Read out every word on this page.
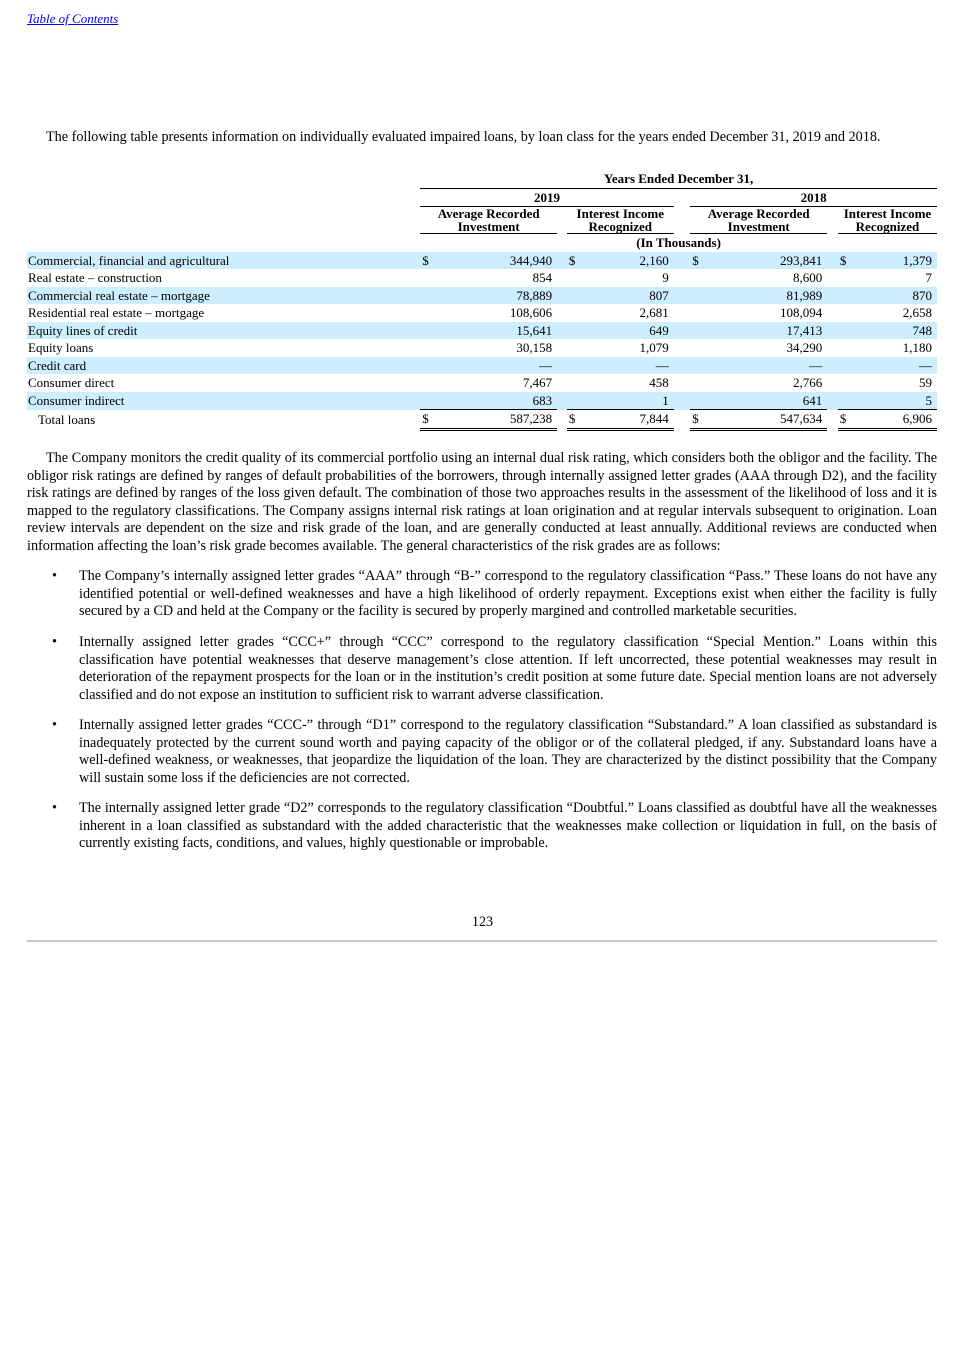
Table of Contents
The following table presents information on individually evaluated impaired loans, by loan class for the years ended December 31, 2019 and 2018.
	Years Ended December 31,										
	2019						2018				
	Average Recorded Investment			Interest Income Recognized			Average Recorded Investment			Interest Income Recognized	
	(In Thousands)										
Commercial, financial and agricultural	$	344,940		$	2,160		$	293,841		$	1,379
Real estate – construction		854			9			8,600			7
Commercial real estate – mortgage		78,889			807			81,989			870
Residential real estate – mortgage		108,606			2,681			108,094			2,658
Equity lines of credit		15,641			649			17,413			748
Equity loans		30,158			1,079			34,290			1,180
Credit card		—			—			—			—
Consumer direct		7,467			458			2,766			59
Consumer indirect		683			1			641			5
Total loans	$	587,238		$	7,844		$	547,634		$	6,906
The Company monitors the credit quality of its commercial portfolio using an internal dual risk rating, which considers both the obligor and the facility. The obligor risk ratings are defined by ranges of default probabilities of the borrowers, through internally assigned letter grades (AAA through D2), and the facility risk ratings are defined by ranges of the loss given default. The combination of those two approaches results in the assessment of the likelihood of loss and it is mapped to the regulatory classifications. The Company assigns internal risk ratings at loan origination and at regular intervals subsequent to origination. Loan review intervals are dependent on the size and risk grade of the loan, and are generally conducted at least annually. Additional reviews are conducted when information affecting the loan’s risk grade becomes available. The general characteristics of the risk grades are as follows:
• The Company’s internally assigned letter grades “AAA” through “B-” correspond to the regulatory classification “Pass.” These loans do not have any identified potential or well-defined weaknesses and have a high likelihood of orderly repayment. Exceptions exist when either the facility is fully secured by a CD and held at the Company or the facility is secured by properly margined and controlled marketable securities.
• Internally assigned letter grades “CCC+” through “CCC” correspond to the regulatory classification “Special Mention.” Loans within this classification have potential weaknesses that deserve management’s close attention. If left uncorrected, these potential weaknesses may result in deterioration of the repayment prospects for the loan or in the institution’s credit position at some future date. Special mention loans are not adversely classified and do not expose an institution to sufficient risk to warrant adverse classification.
• Internally assigned letter grades “CCC-” through “D1” correspond to the regulatory classification “Substandard.” A loan classified as substandard is inadequately protected by the current sound worth and paying capacity of the obligor or of the collateral pledged, if any. Substandard loans have a well-defined weakness, or weaknesses, that jeopardize the liquidation of the loan. They are characterized by the distinct possibility that the Company will sustain some loss if the deficiencies are not corrected.
• The internally assigned letter grade “D2” corresponds to the regulatory classification “Doubtful.” Loans classified as doubtful have all the weaknesses inherent in a loan classified as substandard with the added characteristic that the weaknesses make collection or liquidation in full, on the basis of currently existing facts, conditions, and values, highly questionable or improbable.
123
